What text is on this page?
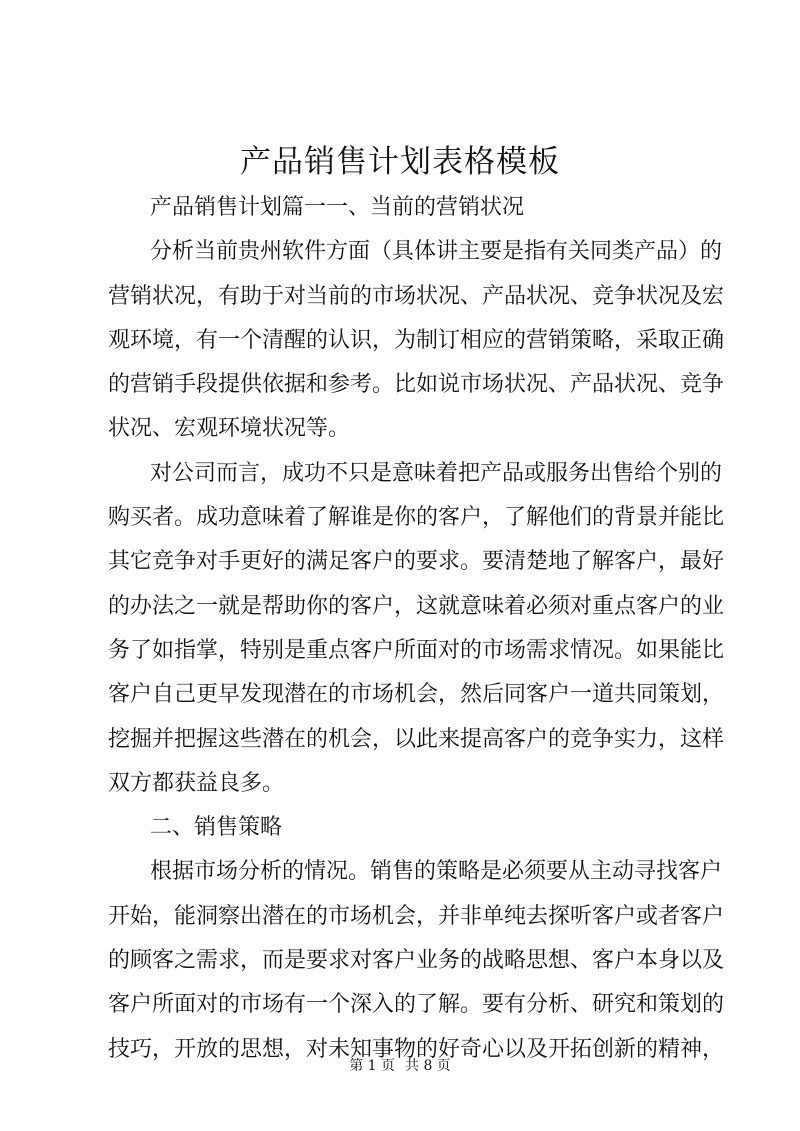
产品销售计划表格模板
产品销售计划篇一一、当前的营销状况
分析当前贵州软件方面（具体讲主要是指有关同类产品）的
营销状况，有助于对当前的市场状况、产品状况、竞争状况及宏
观环境，有一个清醒的认识，为制订相应的营销策略，采取正确
的营销手段提供依据和参考。比如说市场状况、产品状况、竞争
状况、宏观环境状况等。
对公司而言，成功不只是意味着把产品或服务出售给个别的
购买者。成功意味着了解谁是你的客户，了解他们的背景并能比
其它竞争对手更好的满足客户的要求。要清楚地了解客户，最好
的办法之一就是帮助你的客户，这就意味着必须对重点客户的业
务了如指掌，特别是重点客户所面对的市场需求情况。如果能比
客户自己更早发现潜在的市场机会，然后同客户一道共同策划，
挖掘并把握这些潜在的机会，以此来提高客户的竞争实力，这样
双方都获益良多。
二、销售策略
根据市场分析的情况。销售的策略是必须要从主动寻找客户
开始，能洞察出潜在的市场机会，并非单纯去探听客户或者客户
的顾客之需求，而是要求对客户业务的战略思想、客户本身以及
客户所面对的市场有一个深入的了解。要有分析、研究和策划的
技巧，开放的思想，对未知事物的好奇心以及开拓创新的精神，
第 1 页 共 8 页
